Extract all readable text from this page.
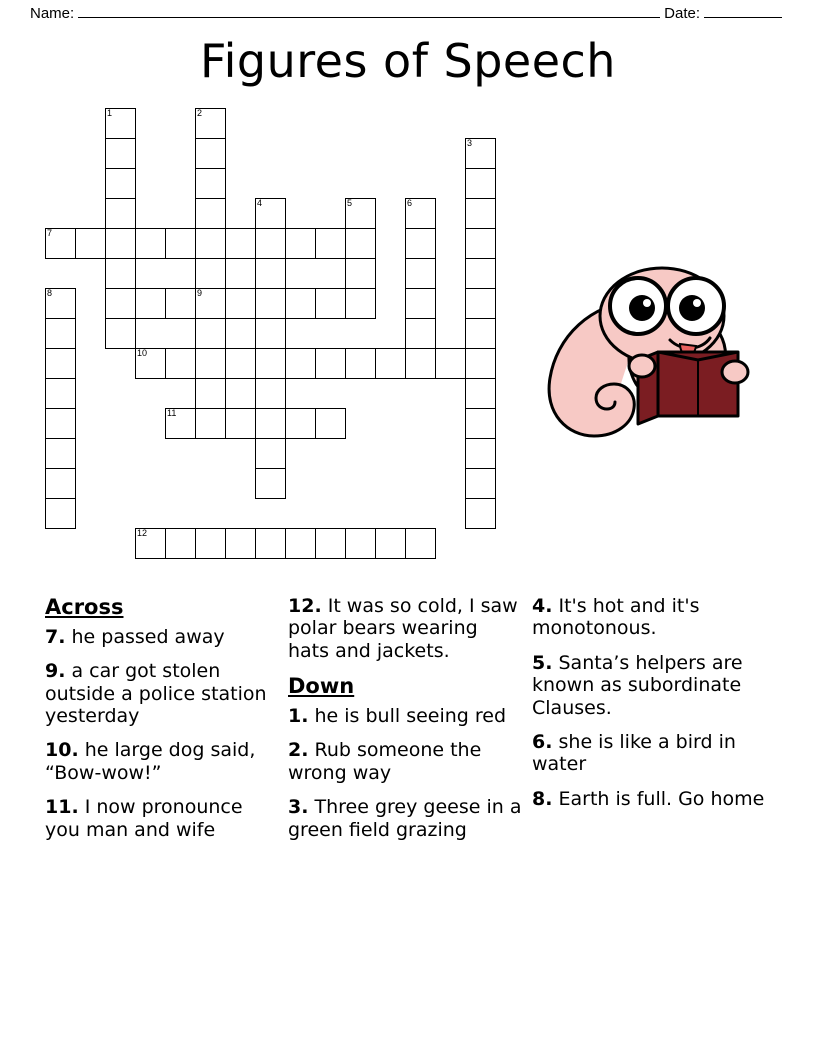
Name:	Date:
Figures of Speech
1	2
3
4	5	6
7
8	9
10
11
12
Across

7. he passed away

9. a car got stolen outside a police station yesterday

10. he large dog said, “Bow-wow!”

11. I now pronounce you man and wife

12. It was so cold, I saw polar bears wearing hats and jackets.

Down

1. he is bull seeing red

2. Rub someone the wrong way

3. Three grey geese in a green field grazing

4. It's hot and it's monotonous.

5. Santa’s helpers are known as subordinate Clauses.

6. she is like a bird in water

8. Earth is full. Go home
